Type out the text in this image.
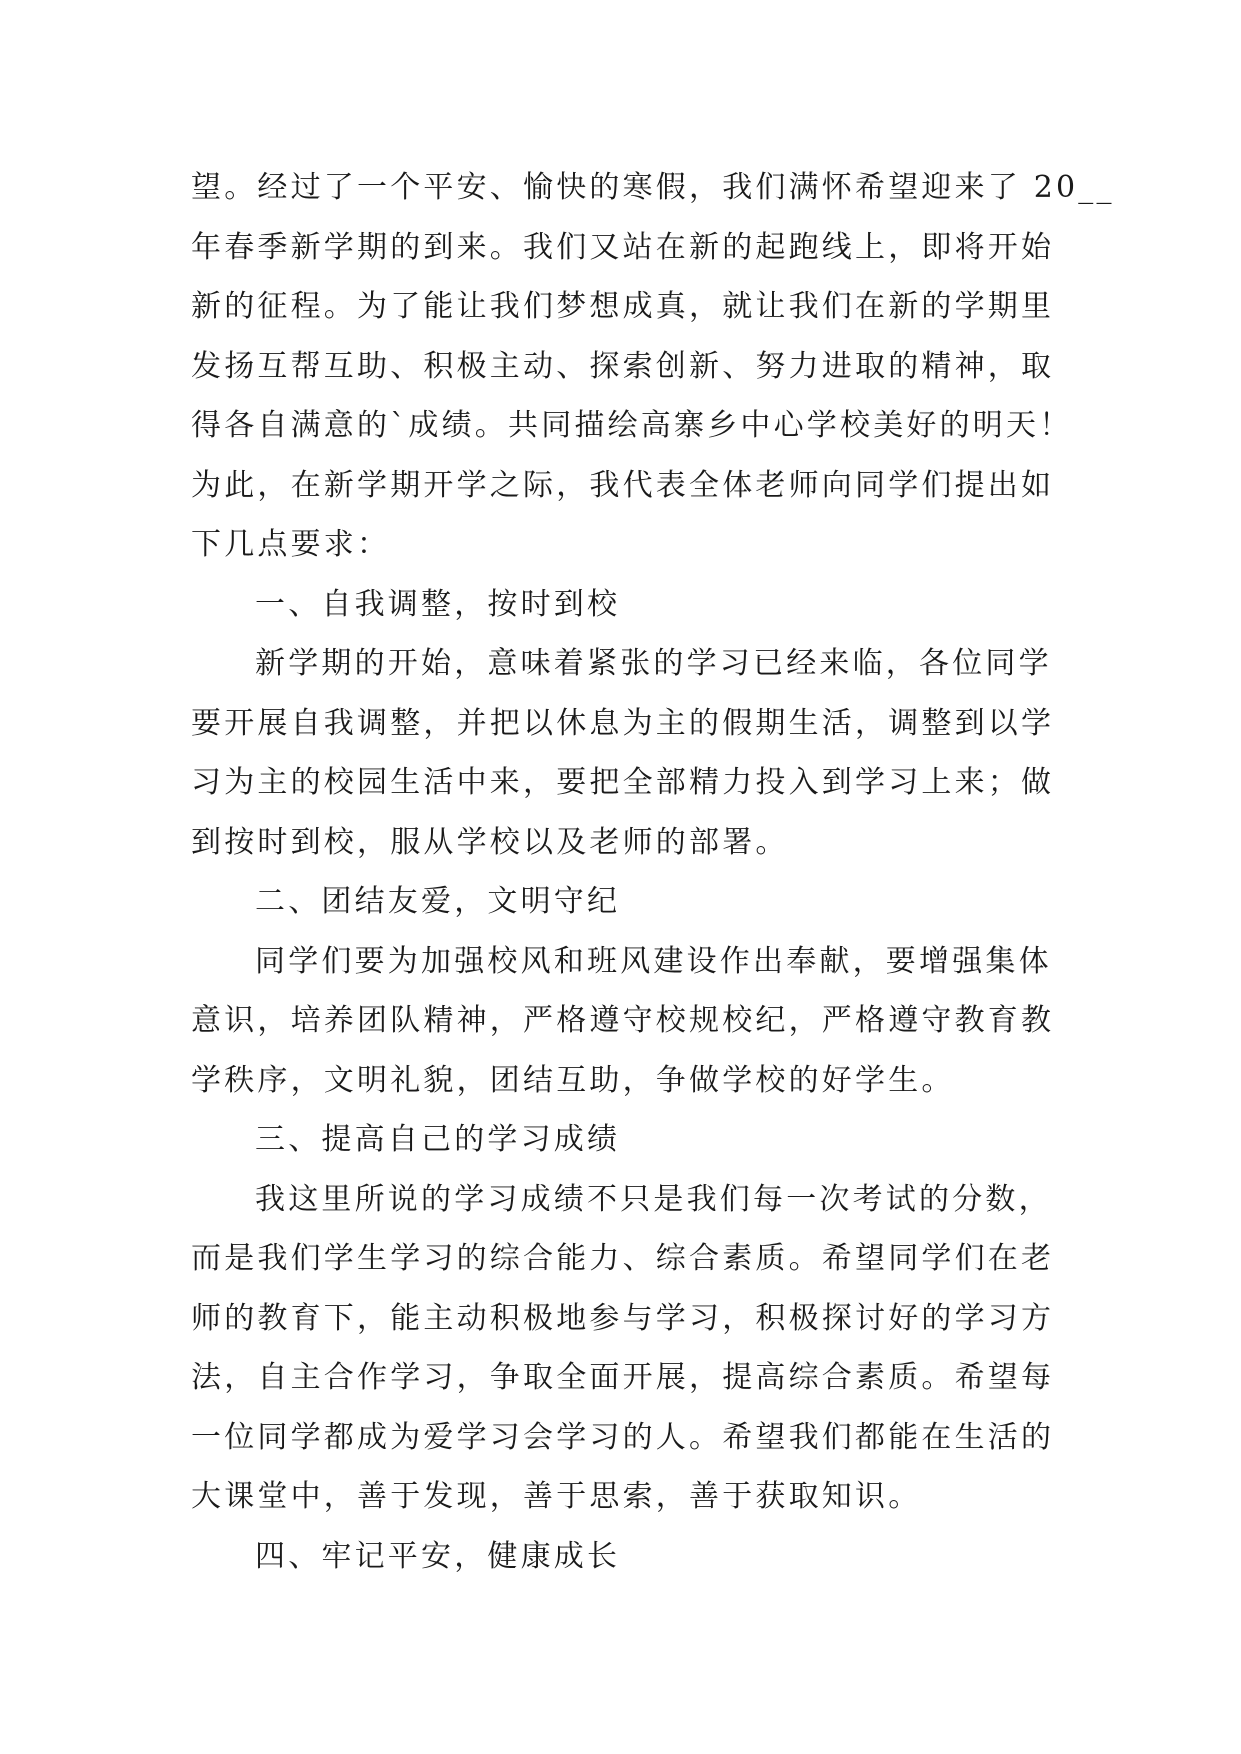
望。经过了一个平安、愉快的寒假，我们满怀希望迎来了 20__
年春季新学期的到来。我们又站在新的起跑线上，即将开始
新的征程。为了能让我们梦想成真，就让我们在新的学期里
发扬互帮互助、积极主动、探索创新、努力进取的精神，取
得各自满意的`成绩。共同描绘高寨乡中心学校美好的明天！
为此，在新学期开学之际，我代表全体老师向同学们提出如
下几点要求：
一、自我调整，按时到校
新学期的开始，意味着紧张的学习已经来临，各位同学
要开展自我调整，并把以休息为主的假期生活，调整到以学
习为主的校园生活中来，要把全部精力投入到学习上来；做
到按时到校，服从学校以及老师的部署。
二、团结友爱，文明守纪
同学们要为加强校风和班风建设作出奉献，要增强集体
意识，培养团队精神，严格遵守校规校纪，严格遵守教育教
学秩序，文明礼貌，团结互助，争做学校的好学生。
三、提高自己的学习成绩
我这里所说的学习成绩不只是我们每一次考试的分数，
而是我们学生学习的综合能力、综合素质。希望同学们在老
师的教育下，能主动积极地参与学习，积极探讨好的学习方
法，自主合作学习，争取全面开展，提高综合素质。希望每
一位同学都成为爱学习会学习的人。希望我们都能在生活的
大课堂中，善于发现，善于思索，善于获取知识。
四、牢记平安，健康成长
